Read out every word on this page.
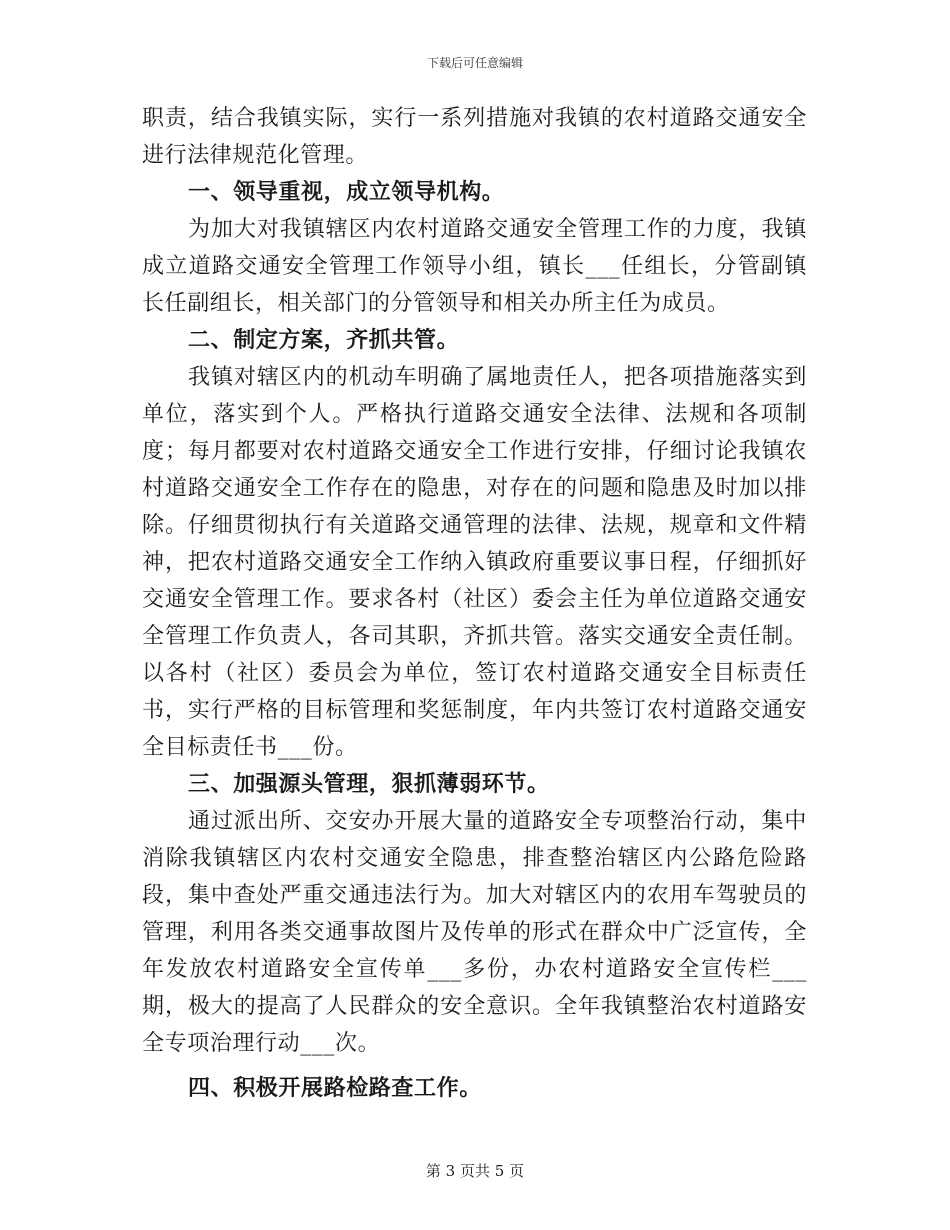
下载后可任意编辑

职责，结合我镇实际，实行一系列措施对我镇的农村道路交通安全进行法律规范化管理。

一、领导重视，成立领导机构。

为加大对我镇辖区内农村道路交通安全管理工作的力度，我镇成立道路交通安全管理工作领导小组，镇长___任组长，分管副镇长任副组长，相关部门的分管领导和相关办所主任为成员。

二、制定方案，齐抓共管。

我镇对辖区内的机动车明确了属地责任人，把各项措施落实到单位，落实到个人。严格执行道路交通安全法律、法规和各项制度；每月都要对农村道路交通安全工作进行安排，仔细讨论我镇农村道路交通安全工作存在的隐患，对存在的问题和隐患及时加以排除。仔细贯彻执行有关道路交通管理的法律、法规，规章和文件精神，把农村道路交通安全工作纳入镇政府重要议事日程，仔细抓好交通安全管理工作。要求各村（社区）委会主任为单位道路交通安全管理工作负责人，各司其职，齐抓共管。落实交通安全责任制。以各村（社区）委员会为单位，签订农村道路交通安全目标责任书，实行严格的目标管理和奖惩制度，年内共签订农村道路交通安全目标责任书___份。

三、加强源头管理，狠抓薄弱环节。

通过派出所、交安办开展大量的道路安全专项整治行动，集中消除我镇辖区内农村交通安全隐患，排查整治辖区内公路危险路段，集中查处严重交通违法行为。加大对辖区内的农用车驾驶员的管理，利用各类交通事故图片及传单的形式在群众中广泛宣传，全年发放农村道路安全宣传单___多份，办农村道路安全宣传栏___期，极大的提高了人民群众的安全意识。全年我镇整治农村道路安全专项治理行动___次。

四、积极开展路检路查工作。

第 3 页共 5 页
